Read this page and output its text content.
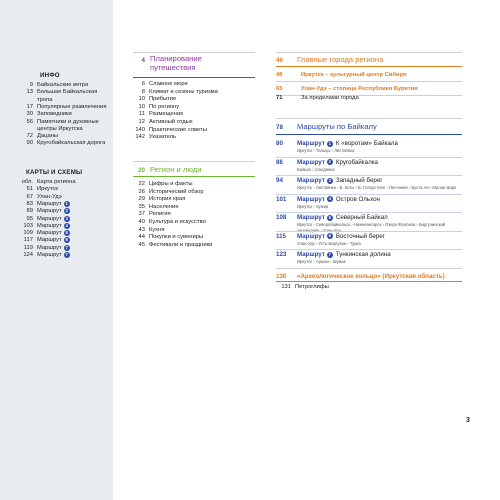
ИНФО
9 Байкальские ветра
13 Большая Байкальская
тропа
17 Популярные развлечения
30 Заповедники
56 Памятники и духовные
центры Иркутска
72 Дацаны
90 Кругобайкальская дорога
КАРТЫ И СХЕМЫ
обл. Карта региона
51 Иркутск
67 Улан-Удэ
83 Маршрут 1
89 Маршрут 2
95 Маршрут 3
103 Маршрут 4
109 Маршрут 5
117 Маршрут 6
119 Маршрут 7
124 Маршрут 7
4 Планирование
путешествия
6 Славное море
8 Климат и сезоны туризма
10 Прибытие
10 По региону
11 Размещение
12 Активный отдых
140 Практические советы
142 Указатель
20 Регион и люди
22 Цифры и факты
26 Исторический обзор
29 История края
35 Население
37 Религия
40 Культура и искусство
43 Кухня
44 Покупки и сувениры
45 Фестивали и праздники
46 Главные города региона
48	Иркутск – культурный центр Сибири
65	Улан-Удэ – столица Республики Бурятия
71	За пределами города
78 Маршруты по Байкалу
80	Маршрут 1 К «воротам» Байкала
Иркутск › Тальцы › Листвянка
86	Маршрут 2 Кругобайкалка
Байкал › Слюдянка
94	Маршрут 3 Западный берег
Иркутск › Листвянка › Б. Коты › Б. Голоустное › Песчаная › Бухта Ая › Малое море
101	Маршрут 4 Остров Ольхон
Иркутск › Хужир
108	Маршрут 5 Северный Байкал
Иркутск › Северобайкальск › Нижнеангарск › Озеро Фролиха › Баргузинский
115	Маршрут 6 Восточный берег
Улан-Удэ › Усть-Баргузин › Турка
123	Маршрут 7 Тункинская долина
Иркутск › Аршан › Шумак
130 «Археологическое кольцо» (Иркутская область)
131 Петроглифы
3
